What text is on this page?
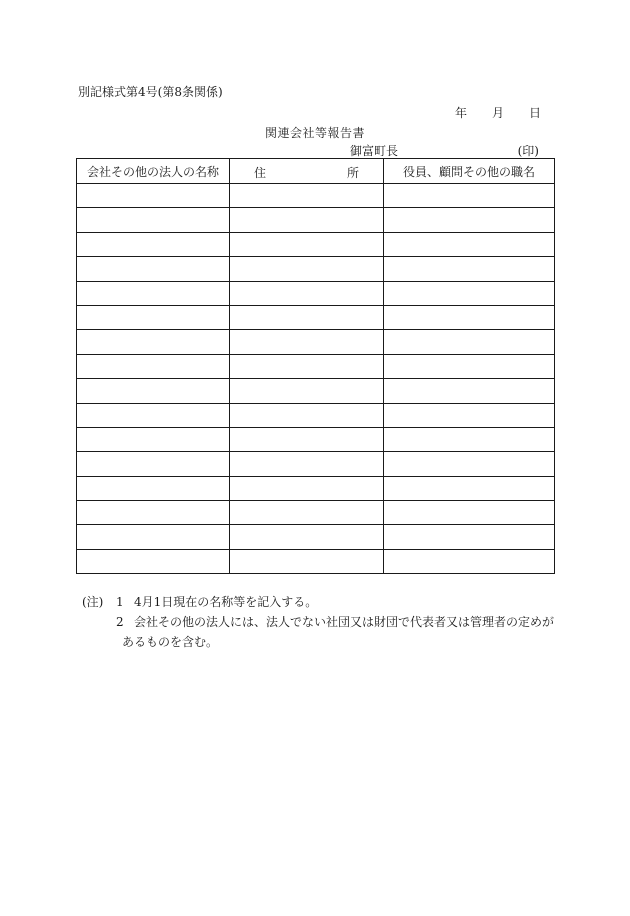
別記様式第4号(第8条関係)
年 月 日
関連会社等報告書
御富町長	(印)
会社その他の法人の名称	住 所	役員、顧問その他の職名

(注) 1 4月1日現在の名称等を記入する。
2 会社その他の法人には、法人でない社団又は財団で代表者又は管理者の定めが
あるものを含む。
